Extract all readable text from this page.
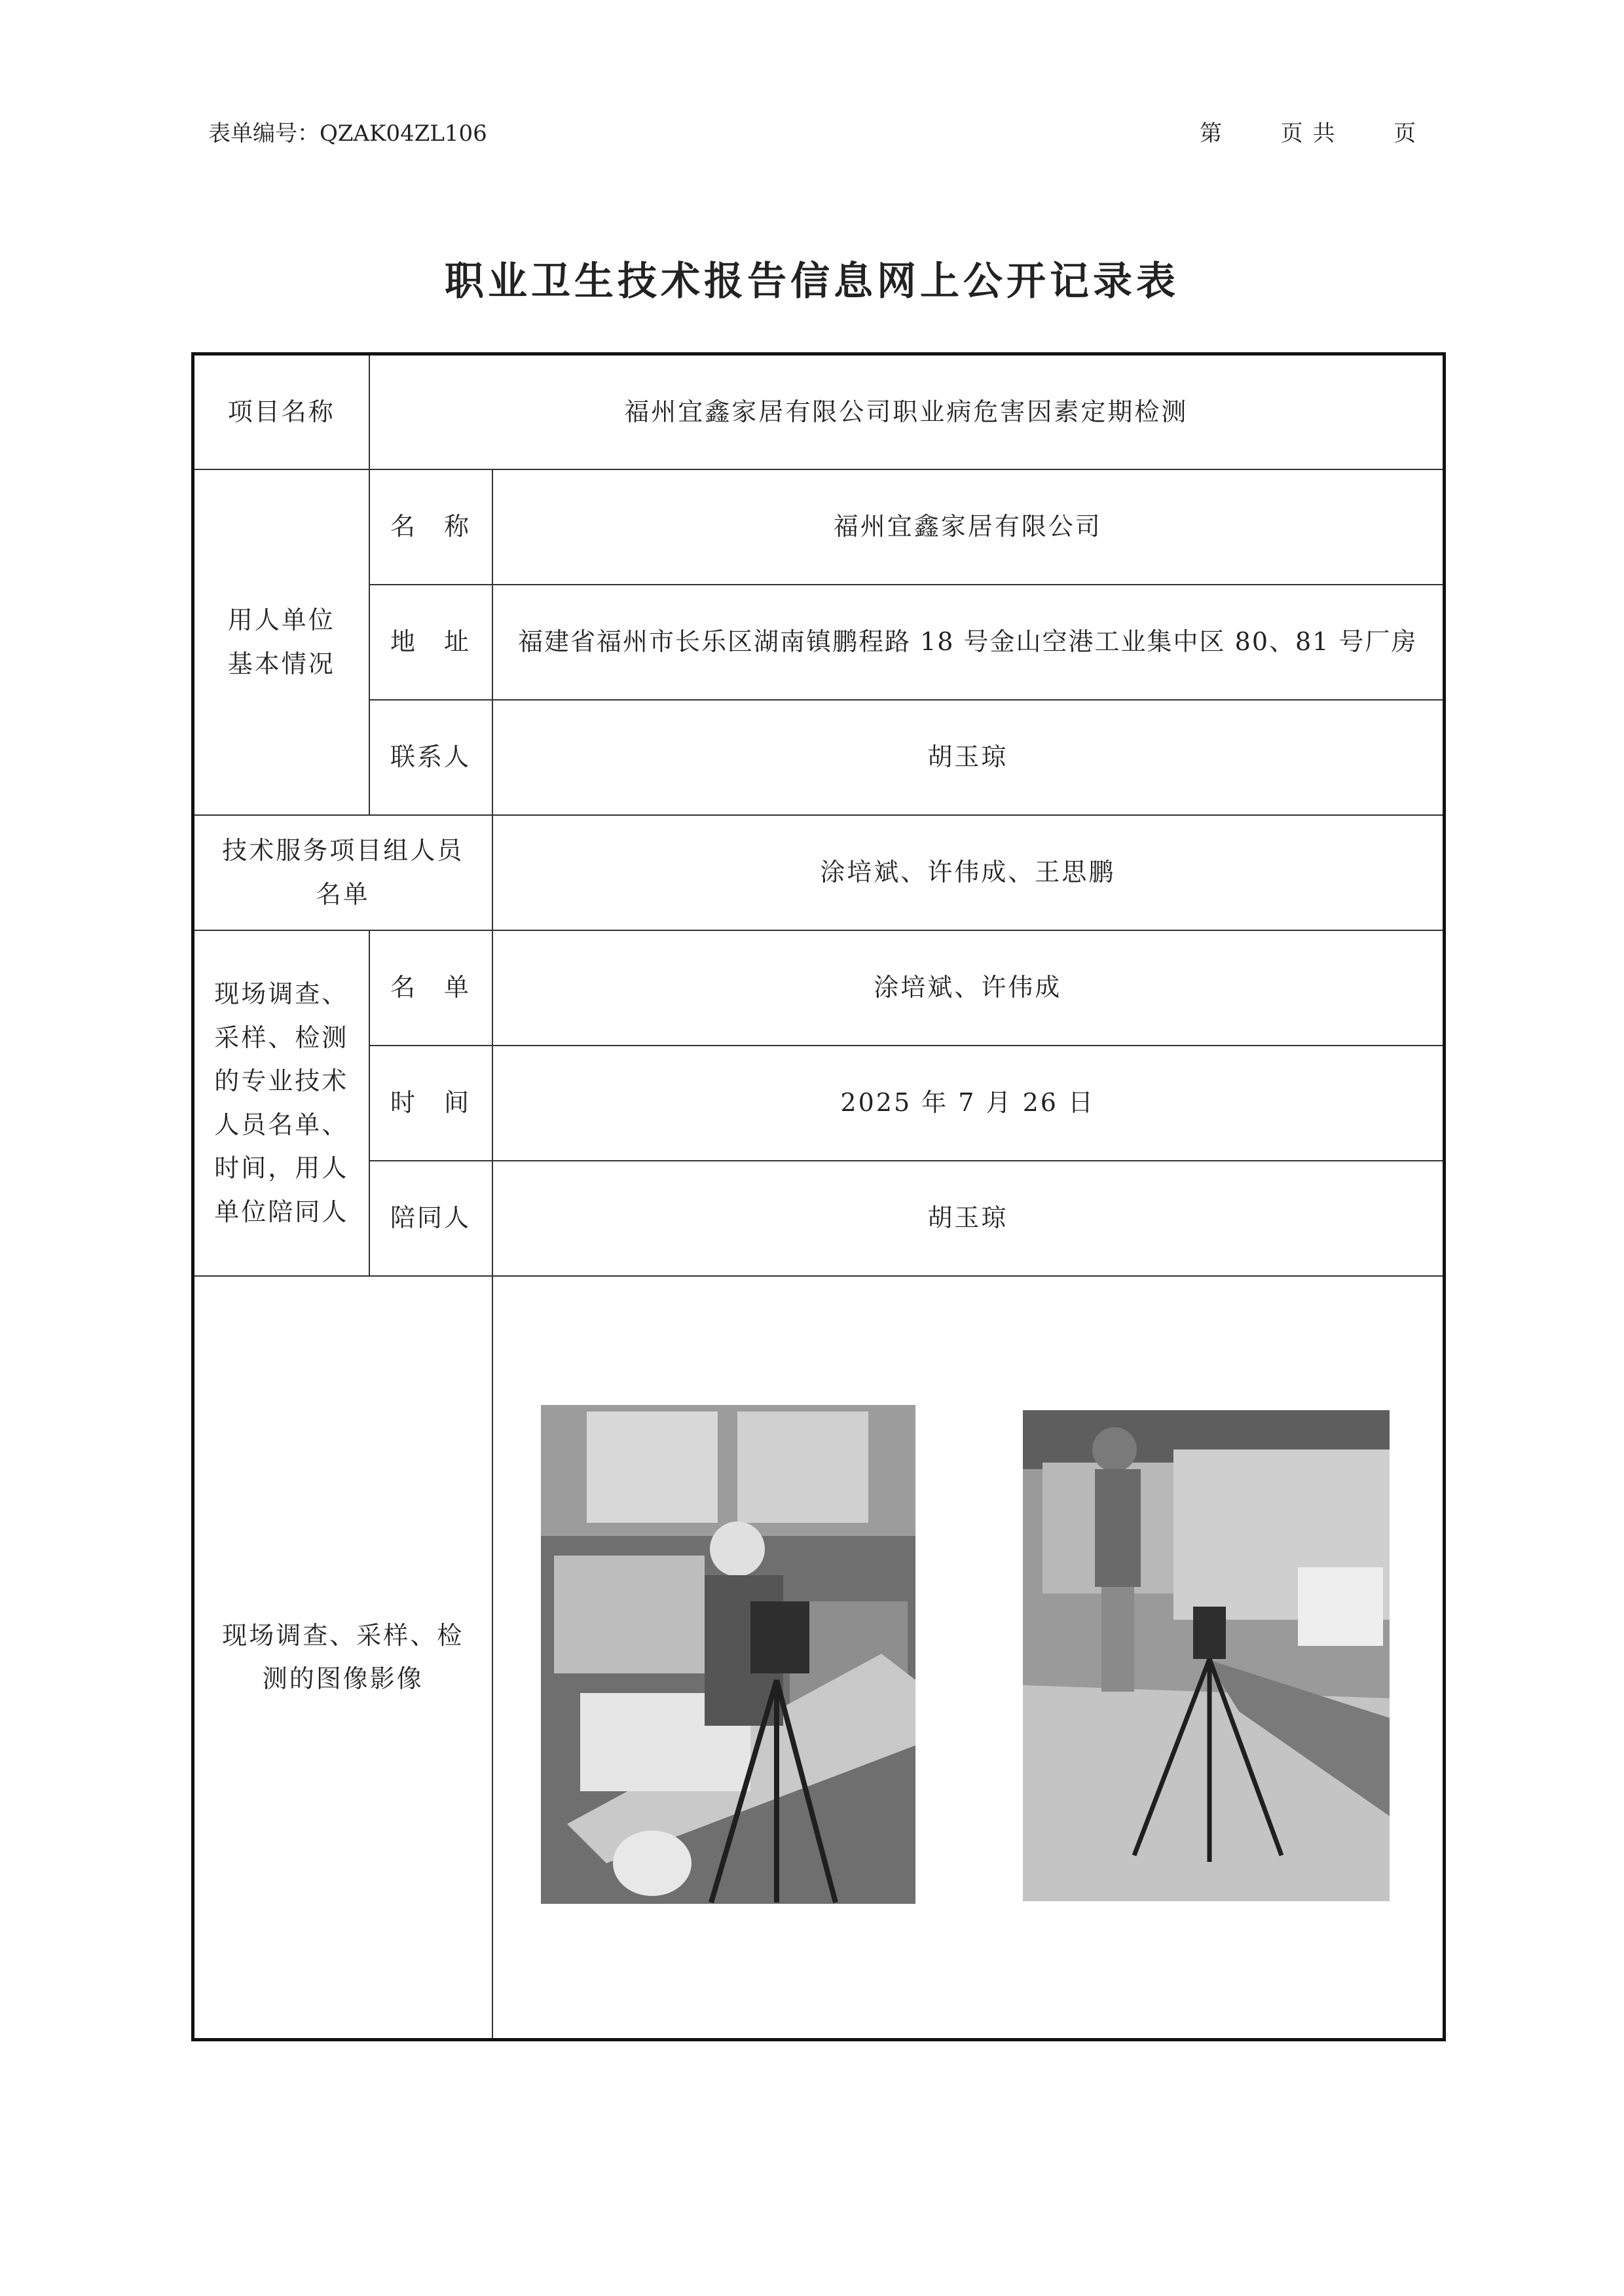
表单编号：QZAK04ZL106	第	页 共	页
职业卫生技术报告信息网上公开记录表
项目名称	福州宜鑫家居有限公司职业病危害因素定期检测	
用人单位基本情况	名　称	福州宜鑫家居有限公司
	地　址	福建省福州市长乐区湖南镇鹏程路 18 号金山空港工业集中区 80、81 号厂房
	联系人	胡玉琼
技术服务项目组人员名单		涂培斌、许伟成、王思鹏
现场调查、采样、检测的专业技术人员名单、时间，用人单位陪同人	名　单	涂培斌、许伟成
	时　间	2025 年 7 月 26 日
	陪同人	胡玉琼
现场调查、采样、检测的图像影像		
